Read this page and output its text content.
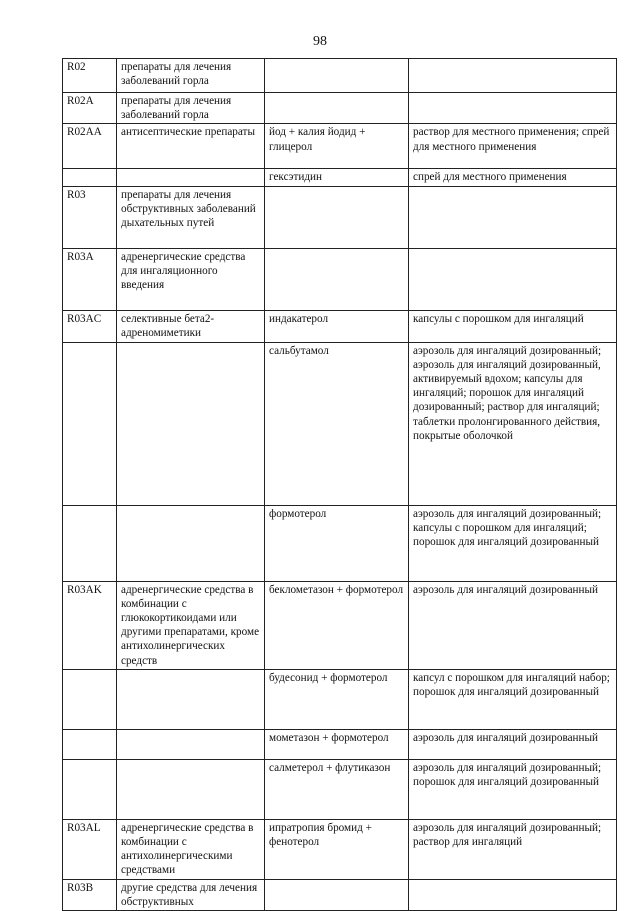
98
R02	препараты для лечения заболеваний горла		
R02A	препараты для лечения заболеваний горла		
R02AA	антисептические препараты	йод + калия йодид + глицерол	раствор для местного применения; спрей для местного применения
		гексэтидин	спрей для местного применения
R03	препараты для лечения обструктивных заболеваний дыхательных путей		
R03A	адренергические средства для ингаляционного введения		
R03AC	селективные бета2-адреномиметики	индакатерол	капсулы с порошком для ингаляций
		сальбутамол	аэрозоль для ингаляций дозированный; аэрозоль для ингаляций дозированный, активируемый вдохом; капсулы для ингаляций; порошок для ингаляций дозированный; раствор для ингаляций; таблетки пролонгированного действия, покрытые оболочкой
		формотерол	аэрозоль для ингаляций дозированный; капсулы с порошком для ингаляций; порошок для ингаляций дозированный
R03AK	адренергические средства в комбинации с глюкокортикоидами или другими препаратами, кроме антихолинергических средств	беклометазон + формотерол	аэрозоль для ингаляций дозированный
		будесонид + формотерол	капсул с порошком для ингаляций набор; порошок для ингаляций дозированный
		мометазон + формотерол	аэрозоль для ингаляций дозированный
		салметерол + флутиказон	аэрозоль для ингаляций дозированный; порошок для ингаляций дозированный
R03AL	адренергические средства в комбинации с антихолинергическими средствами	ипратропия бромид + фенотерол	аэрозоль для ингаляций дозированный; раствор для ингаляций
R03B	другие средства для лечения обструктивных		
